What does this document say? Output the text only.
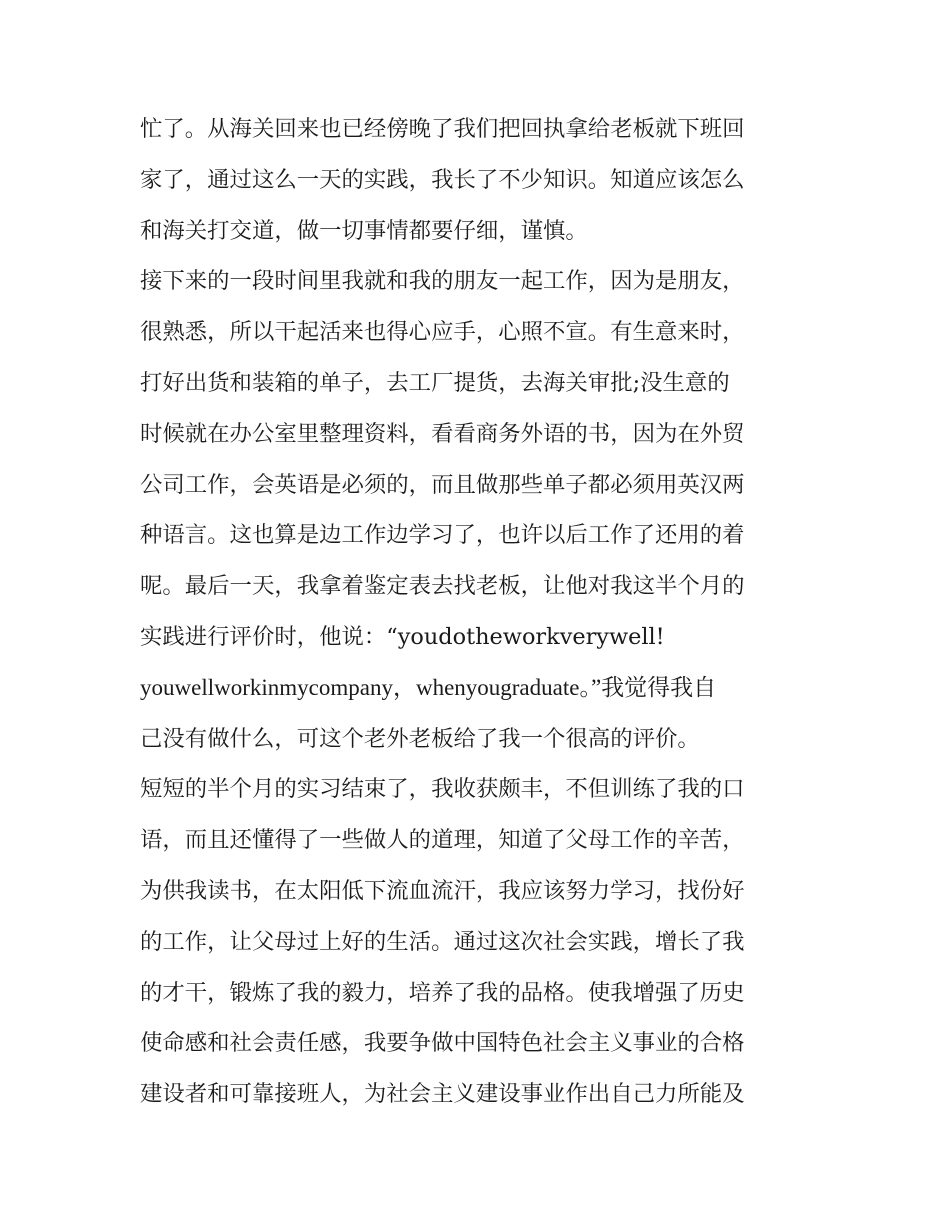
忙了。从海关回来也已经傍晚了我们把回执拿给老板就下班回
家了，通过这么一天的实践，我长了不少知识。知道应该怎么
和海关打交道，做一切事情都要仔细，谨慎。
接下来的一段时间里我就和我的朋友一起工作，因为是朋友，
很熟悉，所以干起活来也得心应手，心照不宣。有生意来时，
打好出货和装箱的单子，去工厂提货，去海关审批;没生意的
时候就在办公室里整理资料，看看商务外语的书，因为在外贸
公司工作，会英语是必须的，而且做那些单子都必须用英汉两
种语言。这也算是边工作边学习了，也许以后工作了还用的着
呢。最后一天，我拿着鉴定表去找老板，让他对我这半个月的
实践进行评价时，他说：“youdotheworkverywell!
youwellworkinmycompany，whenyougraduate。”我觉得我自
己没有做什么，可这个老外老板给了我一个很高的评价。
短短的半个月的实习结束了，我收获颇丰，不但训练了我的口
语，而且还懂得了一些做人的道理，知道了父母工作的辛苦，
为供我读书，在太阳低下流血流汗，我应该努力学习，找份好
的工作，让父母过上好的生活。通过这次社会实践，增长了我
的才干，锻炼了我的毅力，培养了我的品格。使我增强了历史
使命感和社会责任感，我要争做中国特色社会主义事业的合格
建设者和可靠接班人，为社会主义建设事业作出自己力所能及
